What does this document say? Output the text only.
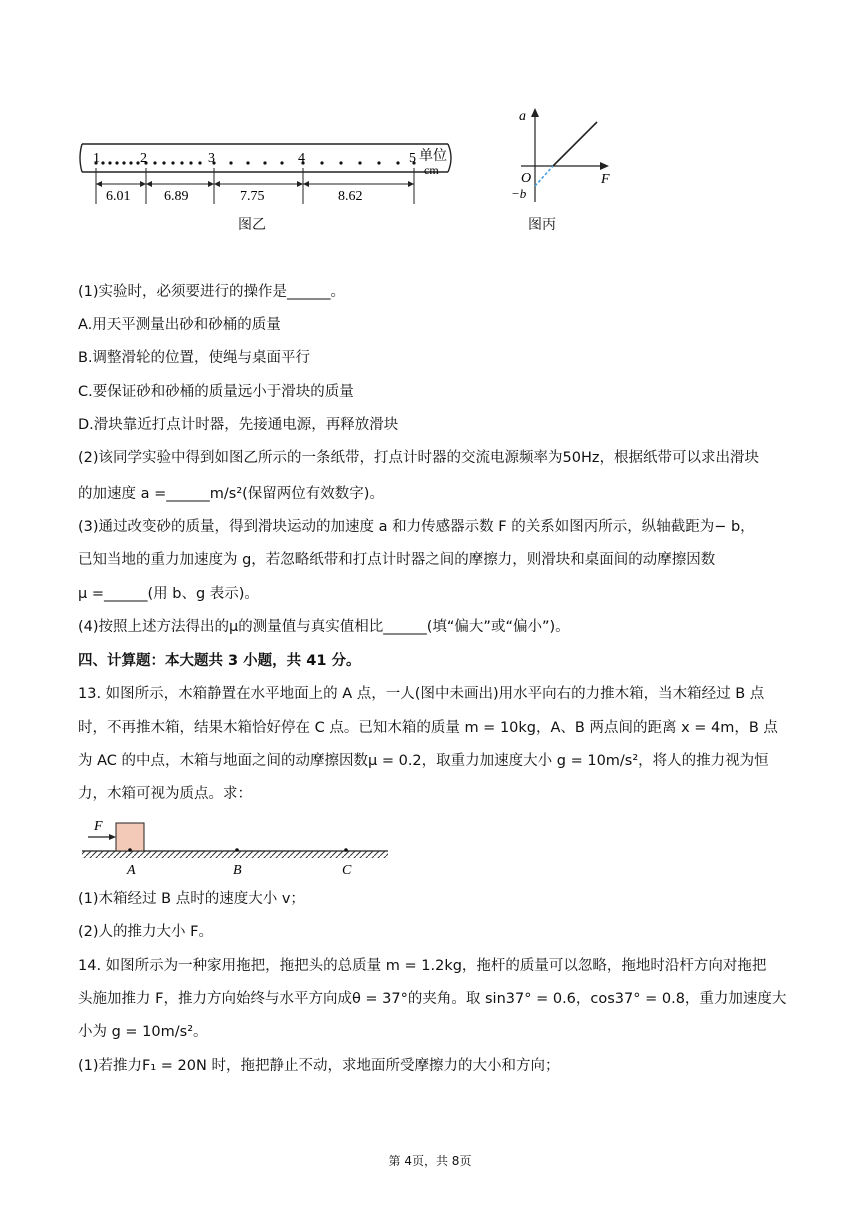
1	2	3	4	5 单位
cm
6.01 6.89	7.75	8.62
图乙
a
F
O
−b
图丙
(1)实验时，必须要进行的操作是______。
A.用天平测量出砂和砂桶的质量
B.调整滑轮的位置，使绳与桌面平行
C.要保证砂和砂桶的质量远小于滑块的质量
D.滑块靠近打点计时器，先接通电源，再释放滑块
(2)该同学实验中得到如图乙所示的一条纸带，打点计时器的交流电源频率为50Hz，根据纸带可以求出滑块
的加速度 a =______m/s²(保留两位有效数字)。
(3)通过改变砂的质量，得到滑块运动的加速度 a 和力传感器示数 F 的关系如图丙所示，纵轴截距为− b，
已知当地的重力加速度为 g，若忽略纸带和打点计时器之间的摩擦力，则滑块和桌面间的动摩擦因数
μ =______(用 b、g 表示)。
(4)按照上述方法得出的μ的测量值与真实值相比______(填“偏大”或“偏小”)。
四、计算题：本大题共 3 小题，共 41 分。
13. 如图所示，木箱静置在水平地面上的 A 点，一人(图中未画出)用水平向右的力推木箱，当木箱经过 B 点
时，不再推木箱，结果木箱恰好停在 C 点。已知木箱的质量 m = 10kg，A、B 两点间的距离 x = 4m，B 点
为 AC 的中点，木箱与地面之间的动摩擦因数μ = 0.2，取重力加速度大小 g = 10m/s²，将人的推力视为恒
力，木箱可视为质点。求：
F
A	B	C
(1)木箱经过 B 点时的速度大小 v；
(2)人的推力大小 F。
14. 如图所示为一种家用拖把，拖把头的总质量 m = 1.2kg，拖杆的质量可以忽略，拖地时沿杆方向对拖把
头施加推力 F，推力方向始终与水平方向成θ = 37°的夹角。取 sin37° = 0.6，cos37° = 0.8，重力加速度大
小为 g = 10m/s²。
(1)若推力F₁ = 20N 时，拖把静止不动，求地面所受摩擦力的大小和方向；
第 4页，共 8页
